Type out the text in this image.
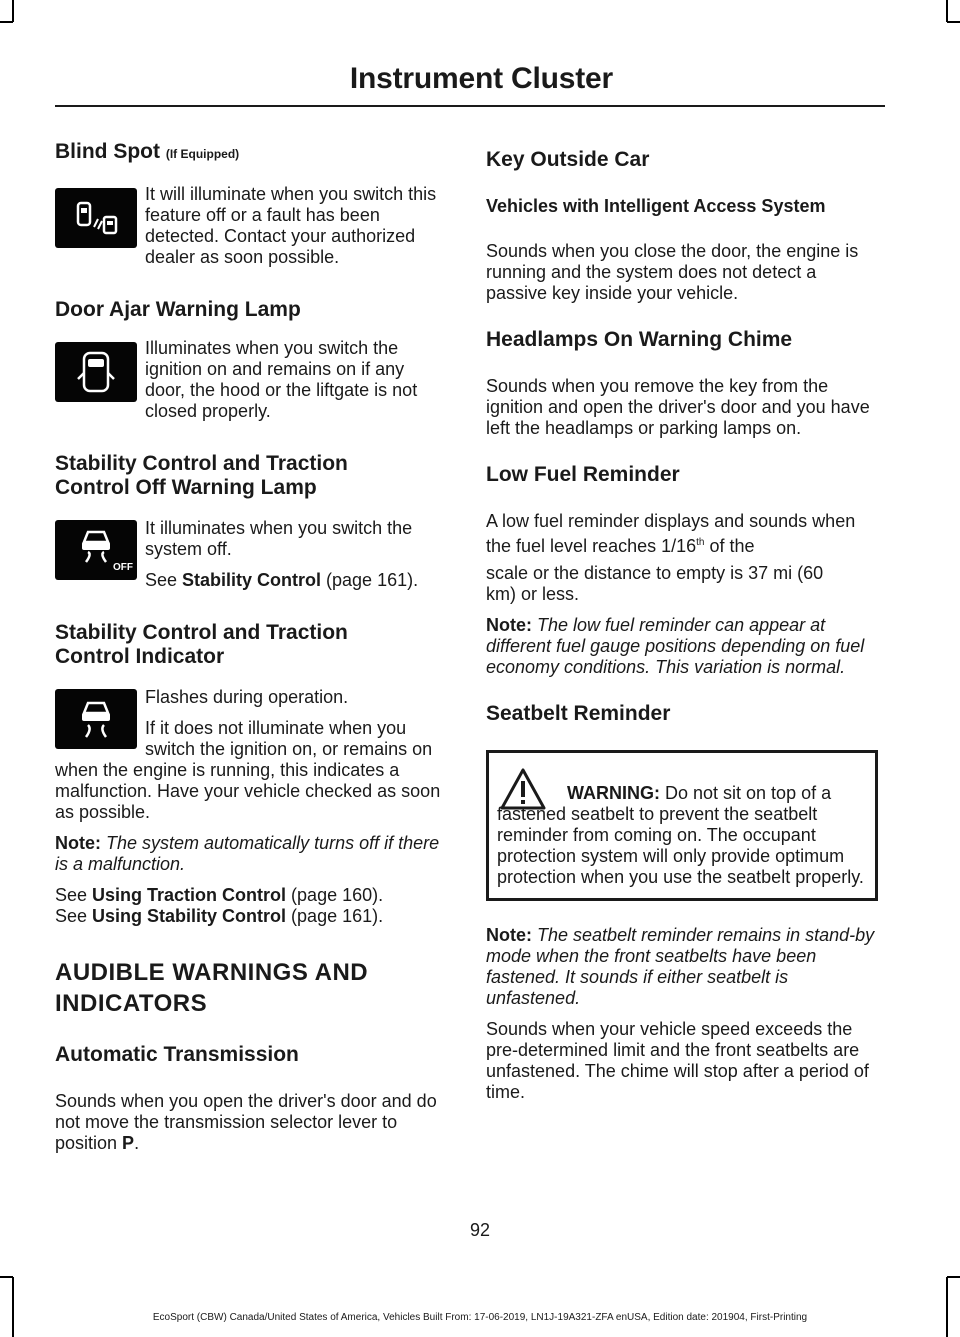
Instrument Cluster
Blind Spot (If Equipped)

It will illuminate when you switch this feature off or a fault has been detected. Contact your authorized dealer as soon possible.

Door Ajar Warning Lamp

Illuminates when you switch the ignition on and remains on if any door, the hood or the liftgate is not closed properly.

Stability Control and Traction Control Off Warning Lamp
OFF

It illuminates when you switch the system off.

See Stability Control (page 161).

Stability Control and Traction Control Indicator

Flashes during operation.

If it does not illuminate when you switch the ignition on, or remains on when the engine is running, this indicates a malfunction. Have your vehicle checked as soon as possible.

Note: The system automatically turns off if there is a malfunction.

See Using Traction Control (page 160).
See Using Stability Control (page 161).

AUDIBLE WARNINGS AND
INDICATORS
Automatic Transmission

Sounds when you open the driver's door and do not move the transmission selector lever to position P.

Key Outside Car
Vehicles with Intelligent Access System

Sounds when you close the door, the engine is running and the system does not detect a passive key inside your vehicle.

Headlamps On Warning Chime

Sounds when you remove the key from the ignition and open the driver's door and you have left the headlamps or parking lamps on.

Low Fuel Reminder

A low fuel reminder displays and sounds when the fuel level reaches 1/16th of the

scale or the distance to empty is 37 mi (60 km) or less.

Note: The low fuel reminder can appear at different fuel gauge positions depending on fuel economy conditions. This variation is normal.

Seatbelt Reminder

WARNING: Do not sit on top of a fastened seatbelt to prevent the seatbelt reminder from coming on. The occupant protection system will only provide optimum protection when you use the seatbelt properly.

Note: The seatbelt reminder remains in stand-by mode when the front seatbelts have been fastened. It sounds if either seatbelt is unfastened.

Sounds when your vehicle speed exceeds the pre-determined limit and the front seatbelts are unfastened. The chime will stop after a period of time.

92
EcoSport (CBW) Canada/United States of America, Vehicles Built From: 17-06-2019, LN1J-19A321-ZFA enUSA, Edition date: 201904, First-Printing
